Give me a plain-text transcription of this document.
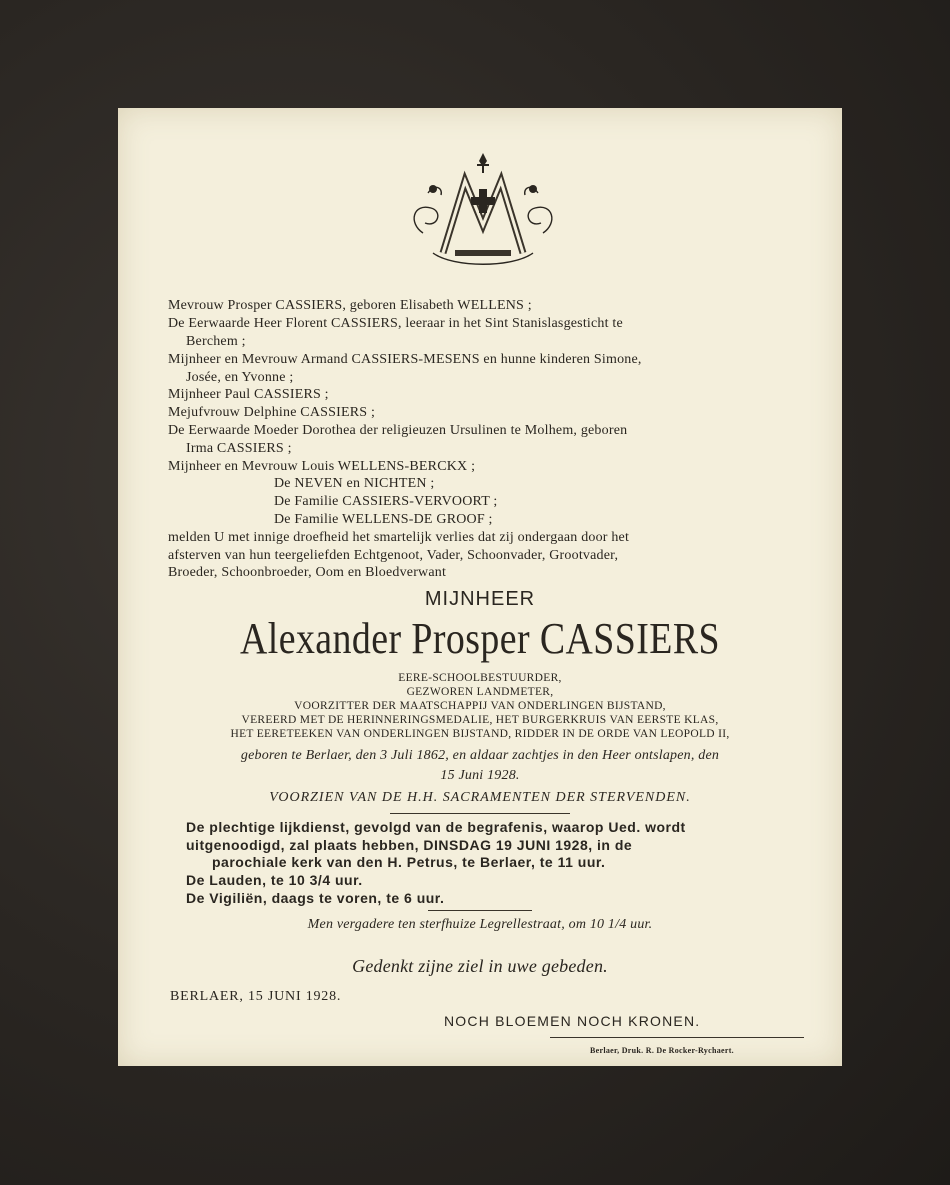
Mevrouw Prosper CASSIERS, geboren Elisabeth WELLENS ;
De Eerwaarde Heer Florent CASSIERS, leeraar in het Sint Stanislasgesticht te
Berchem ;
Mijnheer en Mevrouw Armand CASSIERS-MESENS en hunne kinderen Simone,
Josée, en Yvonne ;
Mijnheer Paul CASSIERS ;
Mejufvrouw Delphine CASSIERS ;
De Eerwaarde Moeder Dorothea der religieuzen Ursulinen te Molhem, geboren
Irma CASSIERS ;
Mijnheer en Mevrouw Louis WELLENS-BERCKX ;
De NEVEN en NICHTEN ;
De Familie CASSIERS-VERVOORT ;
De Familie WELLENS-DE GROOF ;
melden U met innige droefheid het smartelijk verlies dat zij ondergaan door het
afsterven van hun teergeliefden Echtgenoot, Vader, Schoonvader, Grootvader,
Broeder, Schoonbroeder, Oom en Bloedverwant
MIJNHEER
Alexander Prosper CASSIERS
EERE-SCHOOLBESTUURDER,
GEZWOREN LANDMETER,
VOORZITTER DER MAATSCHAPPIJ VAN ONDERLINGEN BIJSTAND,
VEREERD MET DE HERINNERINGSMEDALIE, HET BURGERKRUIS VAN EERSTE KLAS,
HET EERETEEKEN VAN ONDERLINGEN BIJSTAND, RIDDER IN DE ORDE VAN LEOPOLD II,
geboren te Berlaer, den 3 Juli 1862, en aldaar zachtjes in den Heer ontslapen, den
15 Juni 1928.
VOORZIEN VAN DE H.H. SACRAMENTEN DER STERVENDEN.
De plechtige lijkdienst, gevolgd van de begrafenis, waarop Ued. wordt
uitgenoodigd, zal plaats hebben, DINSDAG 19 JUNI 1928, in de
parochiale kerk van den H. Petrus, te Berlaer, te 11 uur.
De Lauden, te 10 3/4 uur.
De Vigiliën, daags te voren, te 6 uur.
Men vergadere ten sterfhuize Legrellestraat, om 10 1/4 uur.
Gedenkt zijne ziel in uwe gebeden.
BERLAER, 15 JUNI 1928.
NOCH BLOEMEN NOCH KRONEN.
Berlaer, Druk. R. De Rocker-Rychaert.
